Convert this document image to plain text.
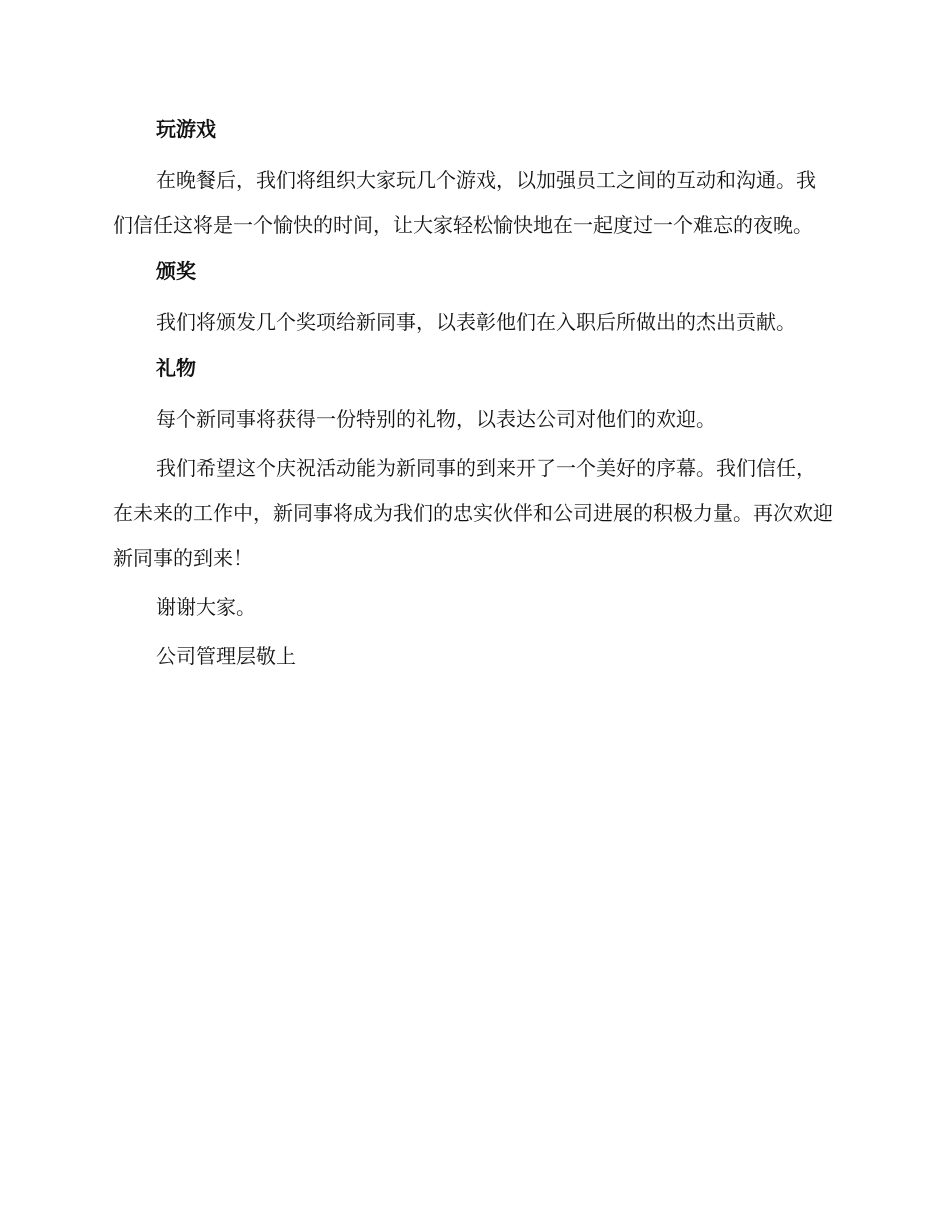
玩游戏

在晚餐后，我们将组织大家玩几个游戏，以加强员工之间的互动和沟通。我们信任这将是一个愉快的时间，让大家轻松愉快地在一起度过一个难忘的夜晚。

颁奖

我们将颁发几个奖项给新同事，以表彰他们在入职后所做出的杰出贡献。

礼物

每个新同事将获得一份特别的礼物，以表达公司对他们的欢迎。

我们希望这个庆祝活动能为新同事的到来开了一个美好的序幕。我们信任，在未来的工作中，新同事将成为我们的忠实伙伴和公司进展的积极力量。再次欢迎新同事的到来！

谢谢大家。

公司管理层敬上
